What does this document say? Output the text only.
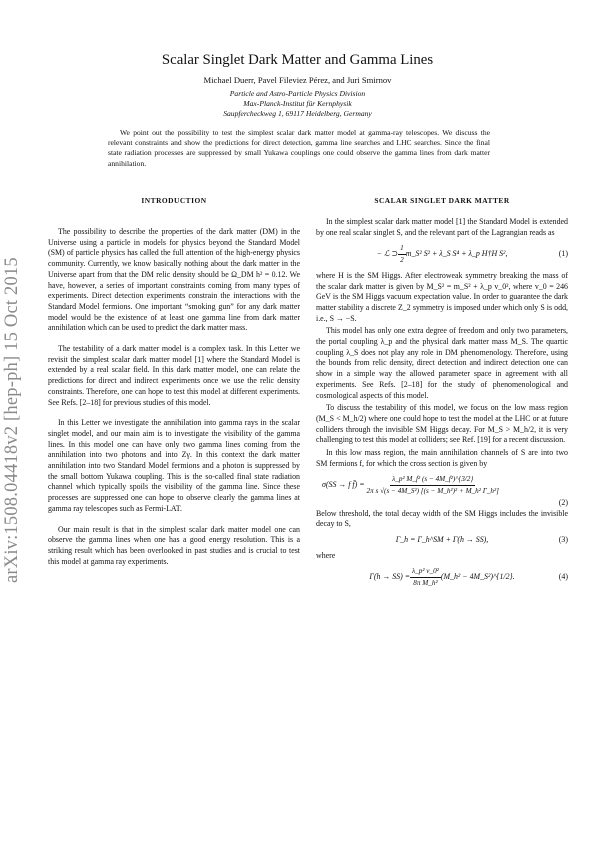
arXiv:1508.04418v2 [hep-ph] 15 Oct 2015
Scalar Singlet Dark Matter and Gamma Lines
Michael Duerr, Pavel Fileviez Pérez, and Juri Smirnov
Particle and Astro-Particle Physics Division
Max-Planck-Institut für Kernphysik
Saupfercheckweg 1, 69117 Heidelberg, Germany
We point out the possibility to test the simplest scalar dark matter model at gamma-ray telescopes. We discuss the relevant constraints and show the predictions for direct detection, gamma line searches and LHC searches. Since the final state radiation processes are suppressed by small Yukawa couplings one could observe the gamma lines from dark matter annihilation.
INTRODUCTION	SCALAR SINGLET DARK MATTER

The possibility to describe the properties of the dark matter (DM) in the Universe using a particle in models for physics beyond the Standard Model (SM) of particle physics has called the full attention of the high-energy physics community. Currently, we know basically nothing about the dark matter in the Universe apart from that the DM relic density should be Ω_DM h² = 0.12. We have, however, a series of important constraints coming from many types of experiments. Direct detection experiments constrain the interactions with the Standard Model fermions. One important “smoking gun” for any dark matter model would be the existence of at least one gamma line from dark matter annihilation which can be used to predict the dark matter mass.

The testability of a dark matter model is a complex task. In this Letter we revisit the simplest scalar dark matter model [1] where the Standard Model is extended by a real scalar field. In this dark matter model, one can relate the predictions for direct and indirect experiments once we use the relic density constraints. Therefore, one can hope to test this model at different experiments. See Refs. [2–18] for previous studies of this model.

In this Letter we investigate the annihilation into gamma rays in the scalar singlet model, and our main aim is to investigate the visibility of the gamma lines. In this model one can have only two gamma lines coming from the annihilation into two photons and into Zγ. In this context the dark matter annihilation into two Standard Model fermions and a photon is suppressed by the small bottom Yukawa coupling. This is the so-called final state radiation channel which typically spoils the visibility of the gamma line. Since these processes are suppressed one can hope to observe clearly the gamma lines at gamma ray telescopes such as Fermi-LAT.

Our main result is that in the simplest scalar dark matter model one can observe the gamma lines when one has a good energy resolution. This is a striking result which has been overlooked in past studies and is crucial to test this model at gamma ray experiments.

In the simplest scalar dark matter model [1] the Standard Model is extended by one real scalar singlet S, and the relevant part of the Lagrangian reads as

− ℒ ⊃ $\frac{1}{2}$ m_S² S² + λ_S S⁴ + λ_p H†H S²,	(1)

where H is the SM Higgs. After electroweak symmetry breaking the mass of the scalar dark matter is given by M_S² = m_S² + λ_p v_0², where v_0 = 246 GeV is the SM Higgs vacuum expectation value. In order to guarantee the dark matter stability a discrete Z_2 symmetry is imposed under which only S is odd, i.e., S → −S.

This model has only one extra degree of freedom and only two parameters, the portal coupling λ_p and the physical dark matter mass M_S. The quartic coupling λ_S does not play any role in DM phenomenology. Therefore, using the bounds from relic density, direct detection and indirect detection one can show in a simple way the allowed parameter space in agreement with all experiments. See Refs. [2–18] for the study of phenomenological and cosmological aspects of this model.

To discuss the testability of this model, we focus on the low mass region (M_S < M_h/2) where one could hope to test the model at the LHC or at future colliders through the invisible SM Higgs decay. For M_S > M_h/2, it is very challenging to test this model at colliders; see Ref. [19] for a recent discussion.

In this low mass region, the main annihilation channels of S are into two SM fermions f, for which the cross section is given by

σ(SS → f f̄) = $\frac{\text{λ\_p² M\_f² (s − 4M\_f²)\textasciicircum{}\{3/2\}}}{\text{2π s √(s − 4M\_S²) [(s − M\_h²)² + M\_h² Γ\_h²]}}$
(2)

Below threshold, the total decay width of the SM Higgs includes the invisible decay to S,

Γ_h = Γ_h^SM + Γ(h → SS),	(3)

where

$\Gamma(h \to SS) = \frac{\text{λ\_p² v\_0²}}{\text{8π M\_h²}}$ (M_h² − 4M_S²)^{1/2}.	(4)
